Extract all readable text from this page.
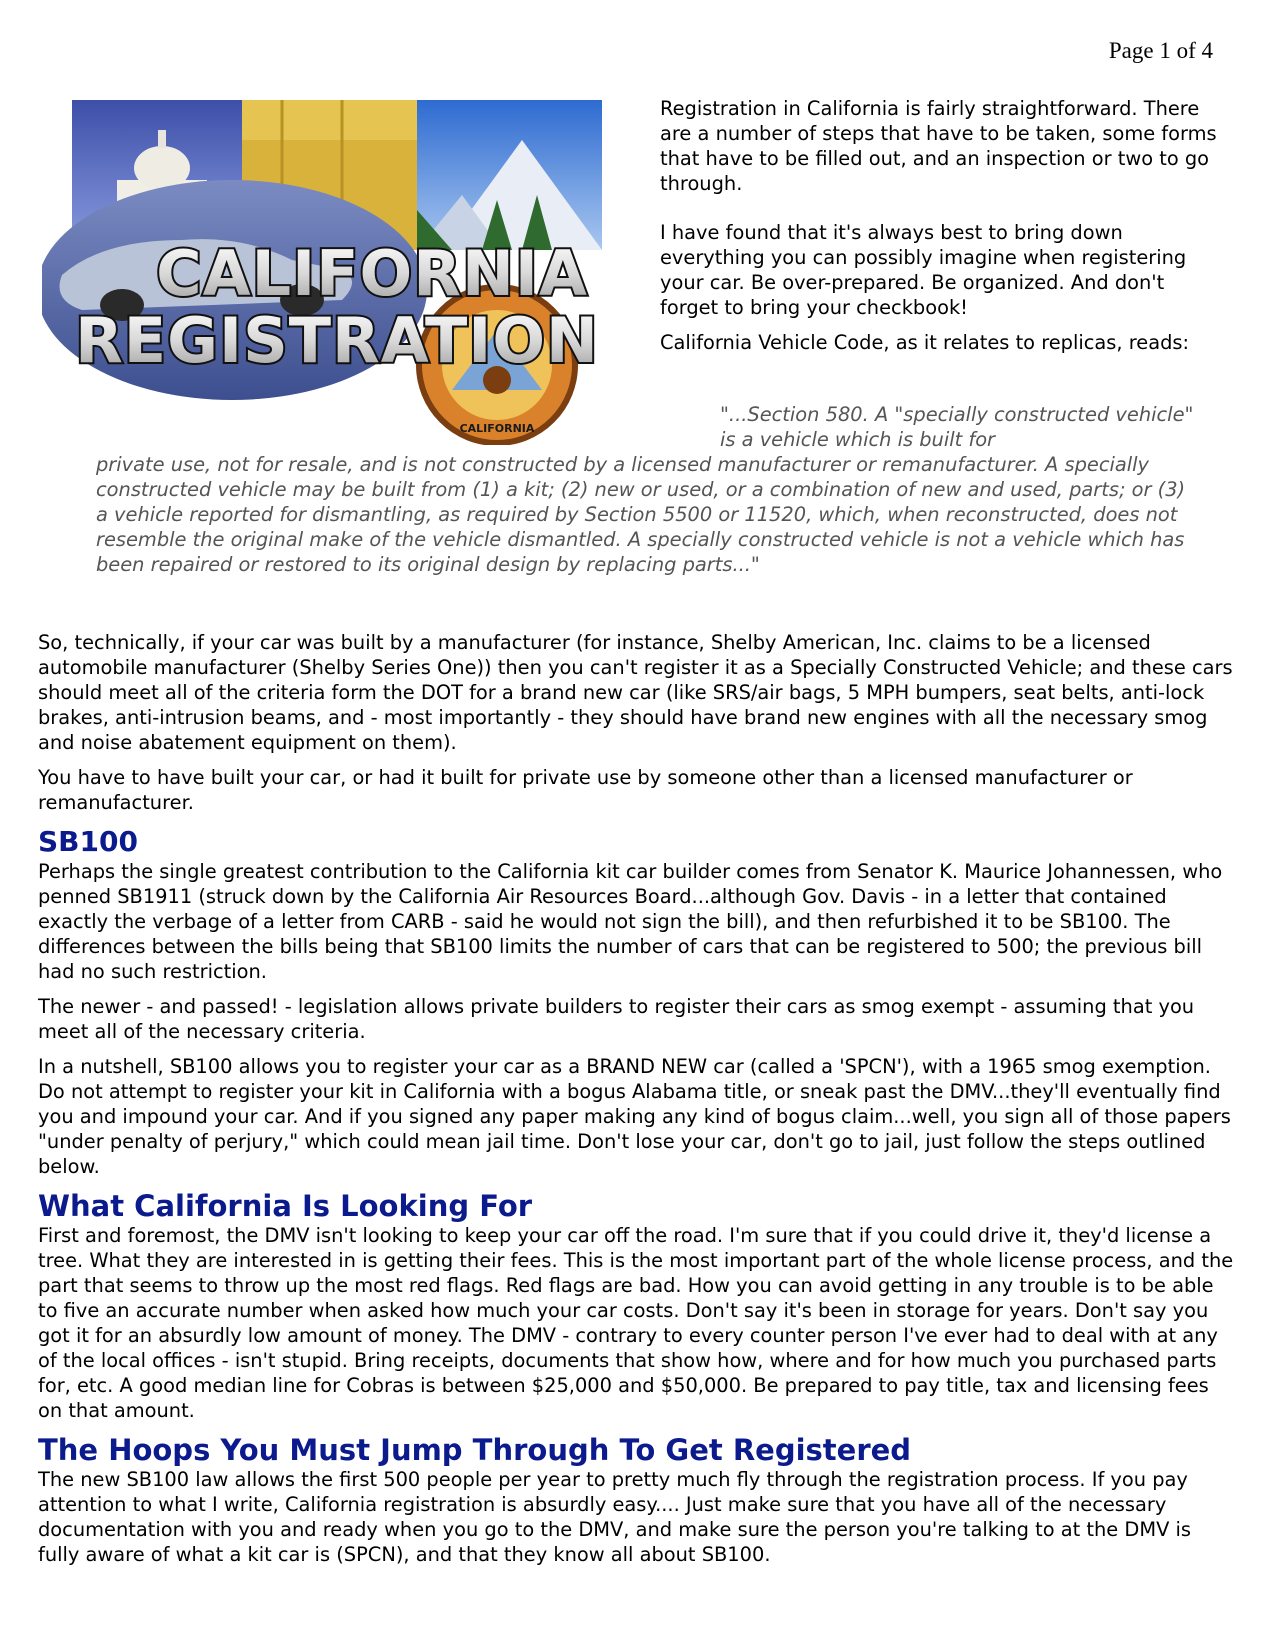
Page 1 of 4
CALIFORNIA
CALIFORNIA
REGISTRATION

Registration in California is fairly straightforward. There are a number of steps that have to be taken, some forms that have to be filled out, and an inspection or two to go through.

I have found that it's always best to bring down everything you can possibly imagine when registering your car. Be over-prepared. Be organized. And don't forget to bring your checkbook!

California Vehicle Code, as it relates to replicas, reads:

"...Section 580. A "specially constructed vehicle" is a vehicle which is built for
private use, not for resale, and is not constructed by a licensed manufacturer or remanufacturer. A specially constructed vehicle may be built from (1) a kit; (2) new or used, or a combination of new and used, parts; or (3) a vehicle reported for dismantling, as required by Section 5500 or 11520, which, when reconstructed, does not resemble the original make of the vehicle dismantled. A specially constructed vehicle is not a vehicle which has been repaired or restored to its original design by replacing parts..."

So, technically, if your car was built by a manufacturer (for instance, Shelby American, Inc. claims to be a licensed automobile manufacturer (Shelby Series One)) then you can't register it as a Specially Constructed Vehicle; and these cars should meet all of the criteria form the DOT for a brand new car (like SRS/air bags, 5 MPH bumpers, seat belts, anti-lock brakes, anti-intrusion beams, and - most importantly - they should have brand new engines with all the necessary smog and noise abatement equipment on them).

You have to have built your car, or had it built for private use by someone other than a licensed manufacturer or remanufacturer.

SB100

Perhaps the single greatest contribution to the California kit car builder comes from Senator K. Maurice Johannessen, who penned SB1911 (struck down by the California Air Resources Board...although Gov. Davis - in a letter that contained exactly the verbage of a letter from CARB - said he would not sign the bill), and then refurbished it to be SB100. The differences between the bills being that SB100 limits the number of cars that can be registered to 500; the previous bill had no such restriction.

The newer - and passed! - legislation allows private builders to register their cars as smog exempt - assuming that you meet all of the necessary criteria.

In a nutshell, SB100 allows you to register your car as a BRAND NEW car (called a 'SPCN'), with a 1965 smog exemption. Do not attempt to register your kit in California with a bogus Alabama title, or sneak past the DMV...they'll eventually find you and impound your car. And if you signed any paper making any kind of bogus claim...well, you sign all of those papers "under penalty of perjury," which could mean jail time. Don't lose your car, don't go to jail, just follow the steps outlined below.

What California Is Looking For

First and foremost, the DMV isn't looking to keep your car off the road. I'm sure that if you could drive it, they'd license a tree. What they are interested in is getting their fees. This is the most important part of the whole license process, and the part that seems to throw up the most red flags. Red flags are bad. How you can avoid getting in any trouble is to be able to five an accurate number when asked how much your car costs. Don't say it's been in storage for years. Don't say you got it for an absurdly low amount of money. The DMV - contrary to every counter person I've ever had to deal with at any of the local offices - isn't stupid. Bring receipts, documents that show how, where and for how much you purchased parts for, etc. A good median line for Cobras is between $25,000 and $50,000. Be prepared to pay title, tax and licensing fees on that amount.

The Hoops You Must Jump Through To Get Registered

The new SB100 law allows the first 500 people per year to pretty much fly through the registration process. If you pay attention to what I write, California registration is absurdly easy.... Just make sure that you have all of the necessary documentation with you and ready when you go to the DMV, and make sure the person you're talking to at the DMV is fully aware of what a kit car is (SPCN), and that they know all about SB100.
